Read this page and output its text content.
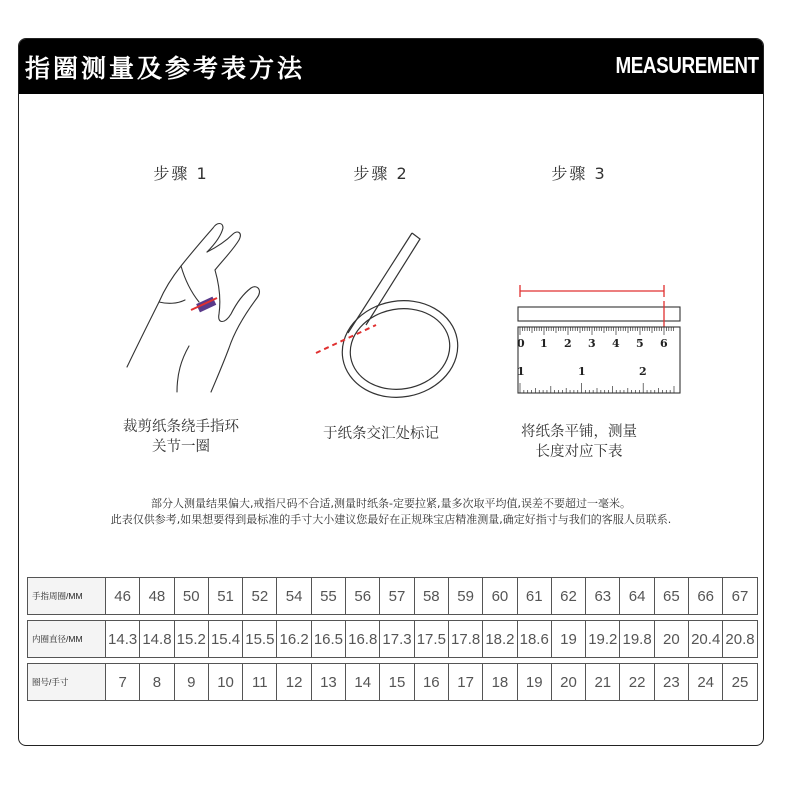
指圈测量及参考表方法	MEASUREMENT
步骤 1
裁剪纸条绕手指环
关节一圈
步骤 2
于纸条交汇处标记
步骤 3
0 1 2 3 4 5 6
1	1	2
将纸条平铺，测量
长度对应下表
部分人测量结果偏大,戒指尺码不合适,测量时纸条-定要拉紧,量多次取平均值,误差不要超过一毫米。
此表仅供参考,如果想要得到最标准的手寸大小建议您最好在正规珠宝店精准测量,确定好指寸与我们的客服人员联系.
手指周圈/MM	46	48	50	51	52	54	55	56	57	58	59	60	61	62	63	64	65	66	67
内圈直径/MM	14.3	14.8	15.2	15.4	15.5	16.2	16.5	16.8	17.3	17.5	17.8	18.2	18.6	19	19.2	19.8	20	20.4	20.8
圈号/手寸	7	8	9	10	11	12	13	14	15	16	17	18	19	20	21	22	23	24	25
